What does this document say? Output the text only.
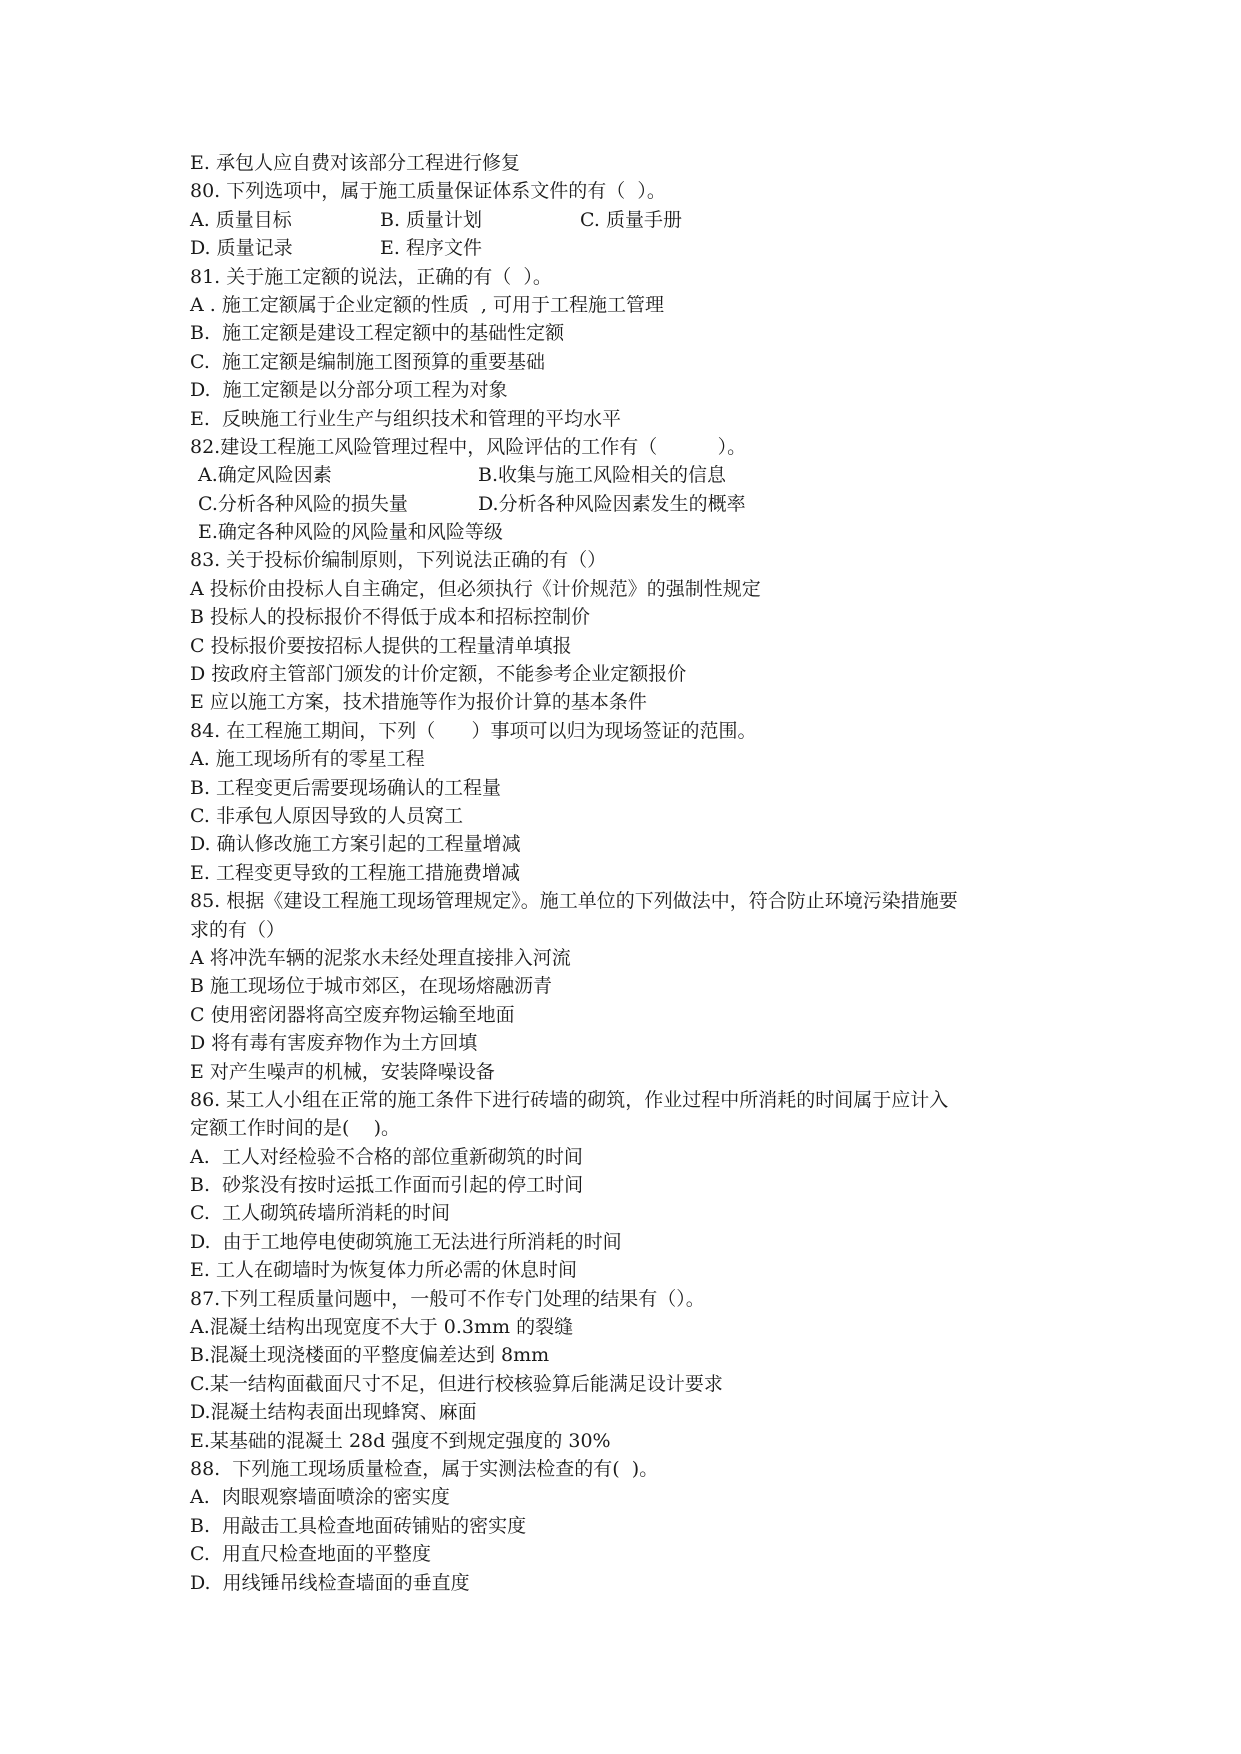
E. 承包人应自费对该部分工程进行修复
80. 下列选项中，属于施工质量保证体系文件的有（  ）。
A. 质量目标	B. 质量计划	C. 质量手册
D. 质量记录	E. 程序文件
81. 关于施工定额的说法，正确的有（  ）。
A . 施工定额属于企业定额的性质  , 可用于工程施工管理
B.  施工定额是建设工程定额中的基础性定额
C.  施工定额是编制施工图预算的重要基础
D.  施工定额是以分部分项工程为对象
E.  反映施工行业生产与组织技术和管理的平均水平
82.建设工程施工风险管理过程中，风险评估的工作有（          ）。
A.确定风险因素	B.收集与施工风险相关的信息
C.分析各种风险的损失量	D.分析各种风险因素发生的概率
E.确定各种风险的风险量和风险等级
83. 关于投标价编制原则，下列说法正确的有（）
A 投标价由投标人自主确定，但必须执行《计价规范》的强制性规定
B 投标人的投标报价不得低于成本和招标控制价
C 投标报价要按招标人提供的工程量清单填报
D 按政府主管部门颁发的计价定额，不能参考企业定额报价
E 应以施工方案，技术措施等作为报价计算的基本条件
84. 在工程施工期间，下列（      ）事项可以归为现场签证的范围。
A. 施工现场所有的零星工程
B. 工程变更后需要现场确认的工程量
C. 非承包人原因导致的人员窝工
D. 确认修改施工方案引起的工程量增减
E. 工程变更导致的工程施工措施费增减
85. 根据《建设工程施工现场管理规定》。施工单位的下列做法中，符合防止环境污染措施要
求的有（）
A 将冲洗车辆的泥浆水未经处理直接排入河流
B 施工现场位于城市郊区，在现场熔融沥青
C 使用密闭器将高空废弃物运输至地面
D 将有毒有害废弃物作为土方回填
E 对产生噪声的机械，安装降噪设备
86. 某工人小组在正常的施工条件下进行砖墙的砌筑，作业过程中所消耗的时间属于应计入
定额工作时间的是(    )。
A.  工人对经检验不合格的部位重新砌筑的时间
B.  砂浆没有按时运抵工作面而引起的停工时间
C.  工人砌筑砖墙所消耗的时间
D.  由于工地停电使砌筑施工无法进行所消耗的时间
E. 工人在砌墙时为恢复体力所必需的休息时间
87.下列工程质量问题中，一般可不作专门处理的结果有（）。
A.混凝土结构出现宽度不大于 0.3mm 的裂缝
B.混凝土现浇楼面的平整度偏差达到 8mm
C.某一结构面截面尺寸不足，但进行校核验算后能满足设计要求
D.混凝土结构表面出现蜂窝、麻面
E.某基础的混凝土 28d 强度不到规定强度的 30%
88.  下列施工现场质量检查，属于实测法检查的有(  )。
A.  肉眼观察墙面喷涂的密实度
B.  用敲击工具检查地面砖铺贴的密实度
C.  用直尺检查地面的平整度
D.  用线锤吊线检查墙面的垂直度
